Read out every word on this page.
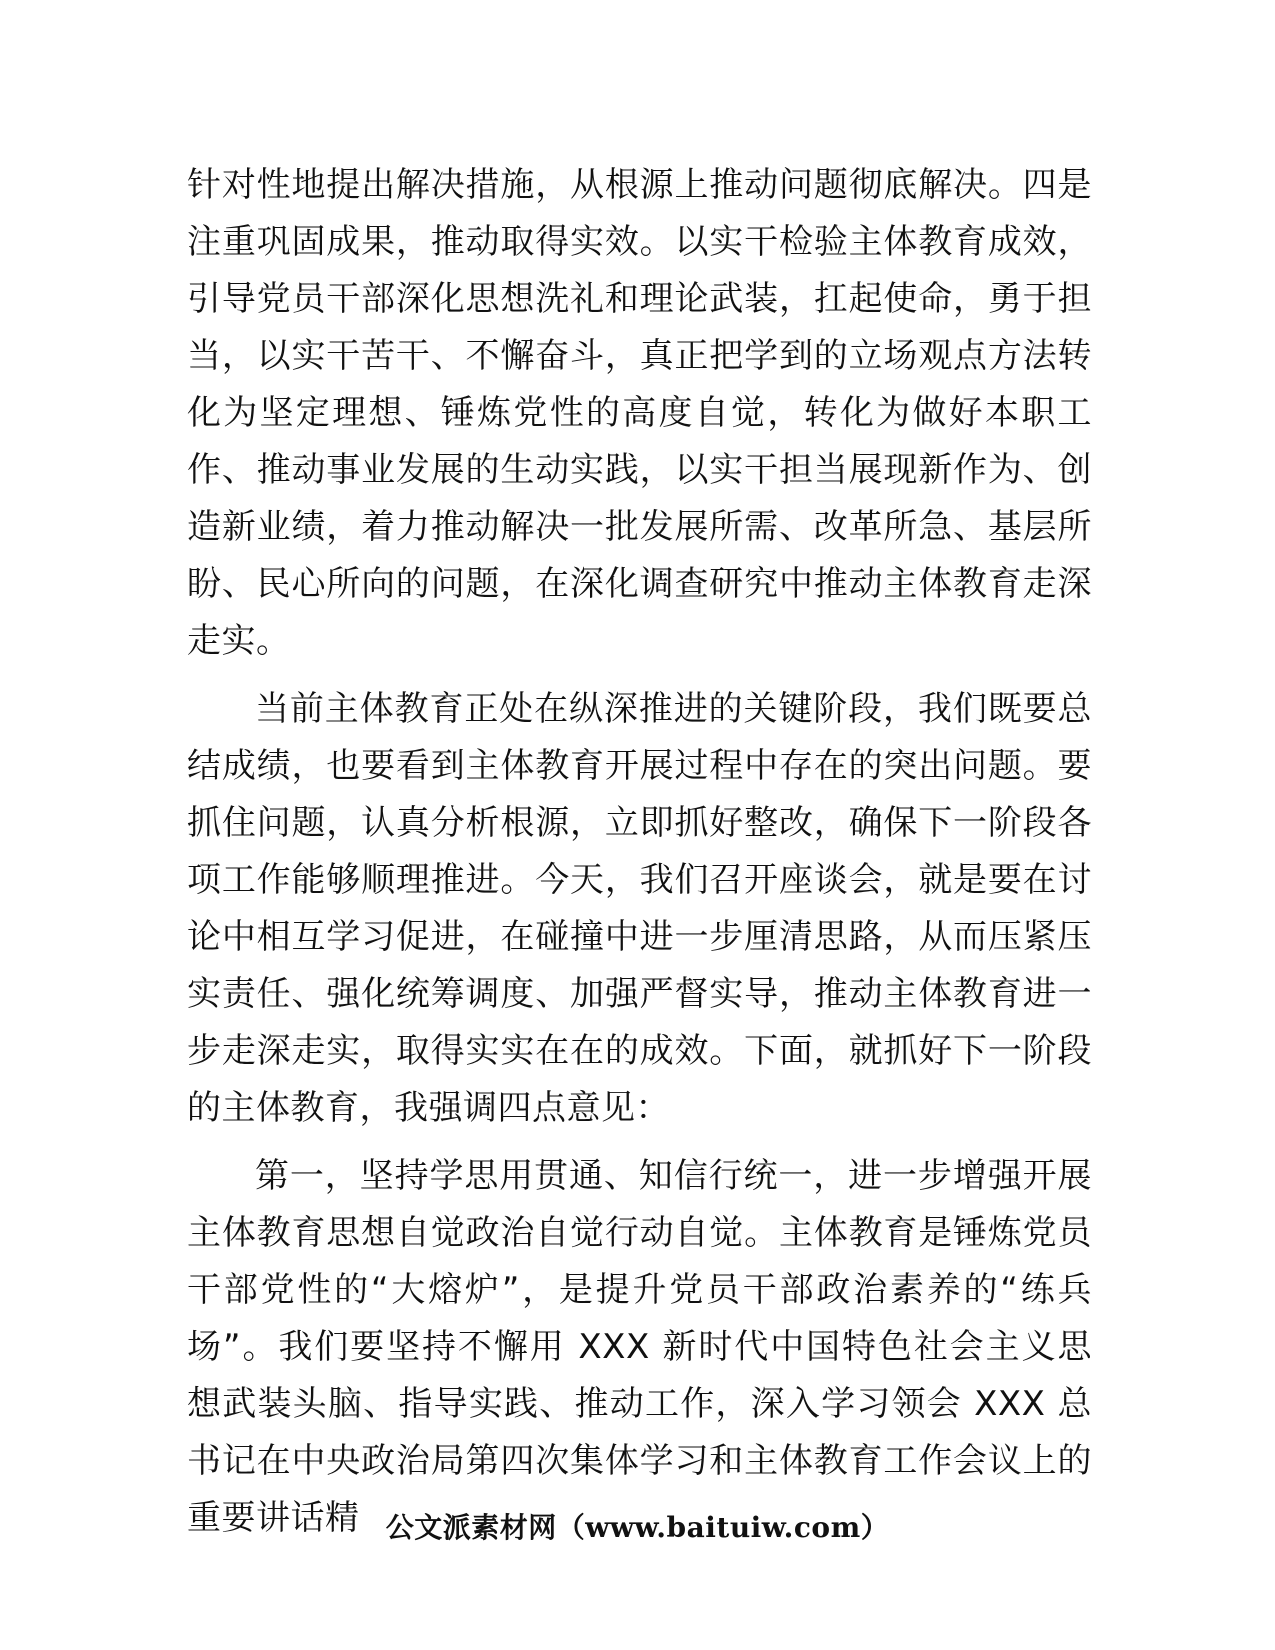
针对性地提出解决措施，从根源上推动问题彻底解决。四是注重巩固成果，推动取得实效。以实干检验主体教育成效，引导党员干部深化思想洗礼和理论武装，扛起使命，勇于担当，以实干苦干、不懈奋斗，真正把学到的立场观点方法转化为坚定理想、锤炼党性的高度自觉，转化为做好本职工作、推动事业发展的生动实践，以实干担当展现新作为、创造新业绩，着力推动解决一批发展所需、改革所急、基层所盼、民心所向的问题，在深化调查研究中推动主体教育走深走实。

当前主体教育正处在纵深推进的关键阶段，我们既要总结成绩，也要看到主体教育开展过程中存在的突出问题。要抓住问题，认真分析根源，立即抓好整改，确保下一阶段各项工作能够顺理推进。今天，我们召开座谈会，就是要在讨论中相互学习促进，在碰撞中进一步厘清思路，从而压紧压实责任、强化统筹调度、加强严督实导，推动主体教育进一步走深走实，取得实实在在的成效。下面，就抓好下一阶段的主体教育，我强调四点意见：

第一，坚持学思用贯通、知信行统一，进一步增强开展主体教育思想自觉政治自觉行动自觉。主体教育是锤炼党员干部党性的“大熔炉”，是提升党员干部政治素养的“练兵场”。我们要坚持不懈用 XXX 新时代中国特色社会主义思想武装头脑、指导实践、推动工作，深入学习领会 XXX 总书记在中央政治局第四次集体学习和主体教育工作会议上的重要讲话精 公文派素材网（www.baituiw.com）
